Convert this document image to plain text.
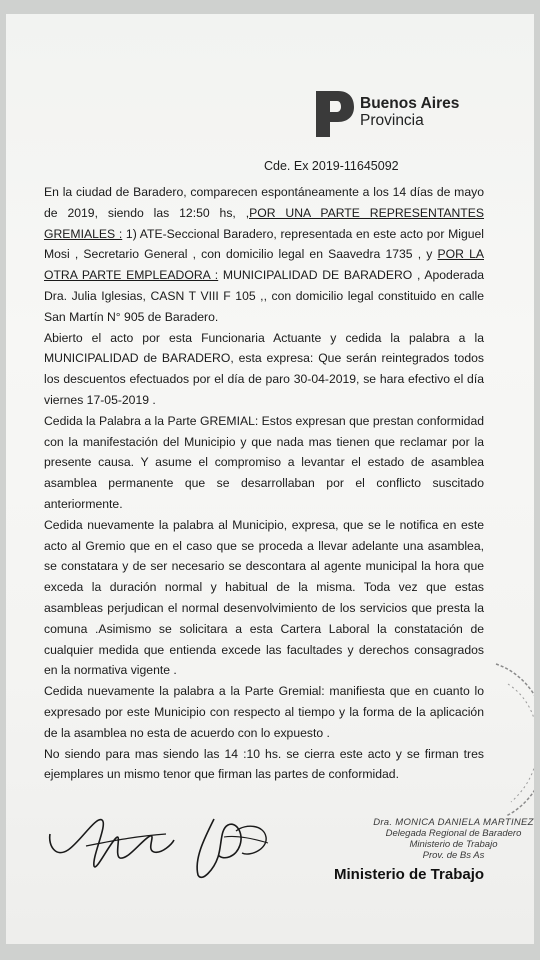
Buenos Aires
Provincia
Cde. Ex 2019-11645092

En la ciudad de Baradero, comparecen espontáneamente a los 14 días de mayo de 2019, siendo las 12:50 hs, ,POR UNA PARTE REPRESENTANTES GREMIALES : 1) ATE-Seccional Baradero, representada en este acto por Miguel Mosi , Secretario General , con domicilio legal en Saavedra 1735 , y POR LA OTRA PARTE EMPLEADORA : MUNICIPALIDAD DE BARADERO , Apoderada Dra. Julia Iglesias, CASN T VIII F 105 ,, con domicilio legal constituido en calle San Martín N° 905 de Baradero.

Abierto el acto por esta Funcionaria Actuante y cedida la palabra a la MUNICIPALIDAD de BARADERO, esta expresa: Que serán reintegrados todos los descuentos efectuados por el día de paro 30-04-2019, se hara efectivo el día viernes 17-05-2019 .

Cedida la Palabra a la Parte GREMIAL: Estos expresan que prestan conformidad con la manifestación del Municipio y que nada mas tienen que reclamar por la presente causa. Y asume el compromiso a levantar el estado de asamblea asamblea permanente que se desarrollaban por el conflicto suscitado anteriormente.

Cedida nuevamente la palabra al Municipio, expresa, que se le notifica en este acto al Gremio que en el caso que se proceda a llevar adelante una asamblea, se constatara y de ser necesario se descontara al agente municipal la hora que exceda la duración normal y habitual de la misma. Toda vez que estas asambleas perjudican el normal desenvolvimiento de los servicios que presta la comuna .Asimismo se solicitara a esta Cartera Laboral la constatación de cualquier medida que entienda excede las facultades y derechos consagrados en la normativa vigente .

Cedida nuevamente la palabra a la Parte Gremial: manifiesta que en cuanto lo expresado por este Municipio con respecto al tiempo y la forma de la aplicación de la asamblea no esta de acuerdo con lo expuesto .

No siendo para mas siendo las 14 :10 hs. se cierra este acto y se firman tres ejemplares un mismo tenor que firman las partes de conformidad.

Dra. MONICA DANIELA MARTINEZ
Delegada Regional de Baradero
Ministerio de Trabajo
Prov. de Bs As
Ministerio de Trabajo
